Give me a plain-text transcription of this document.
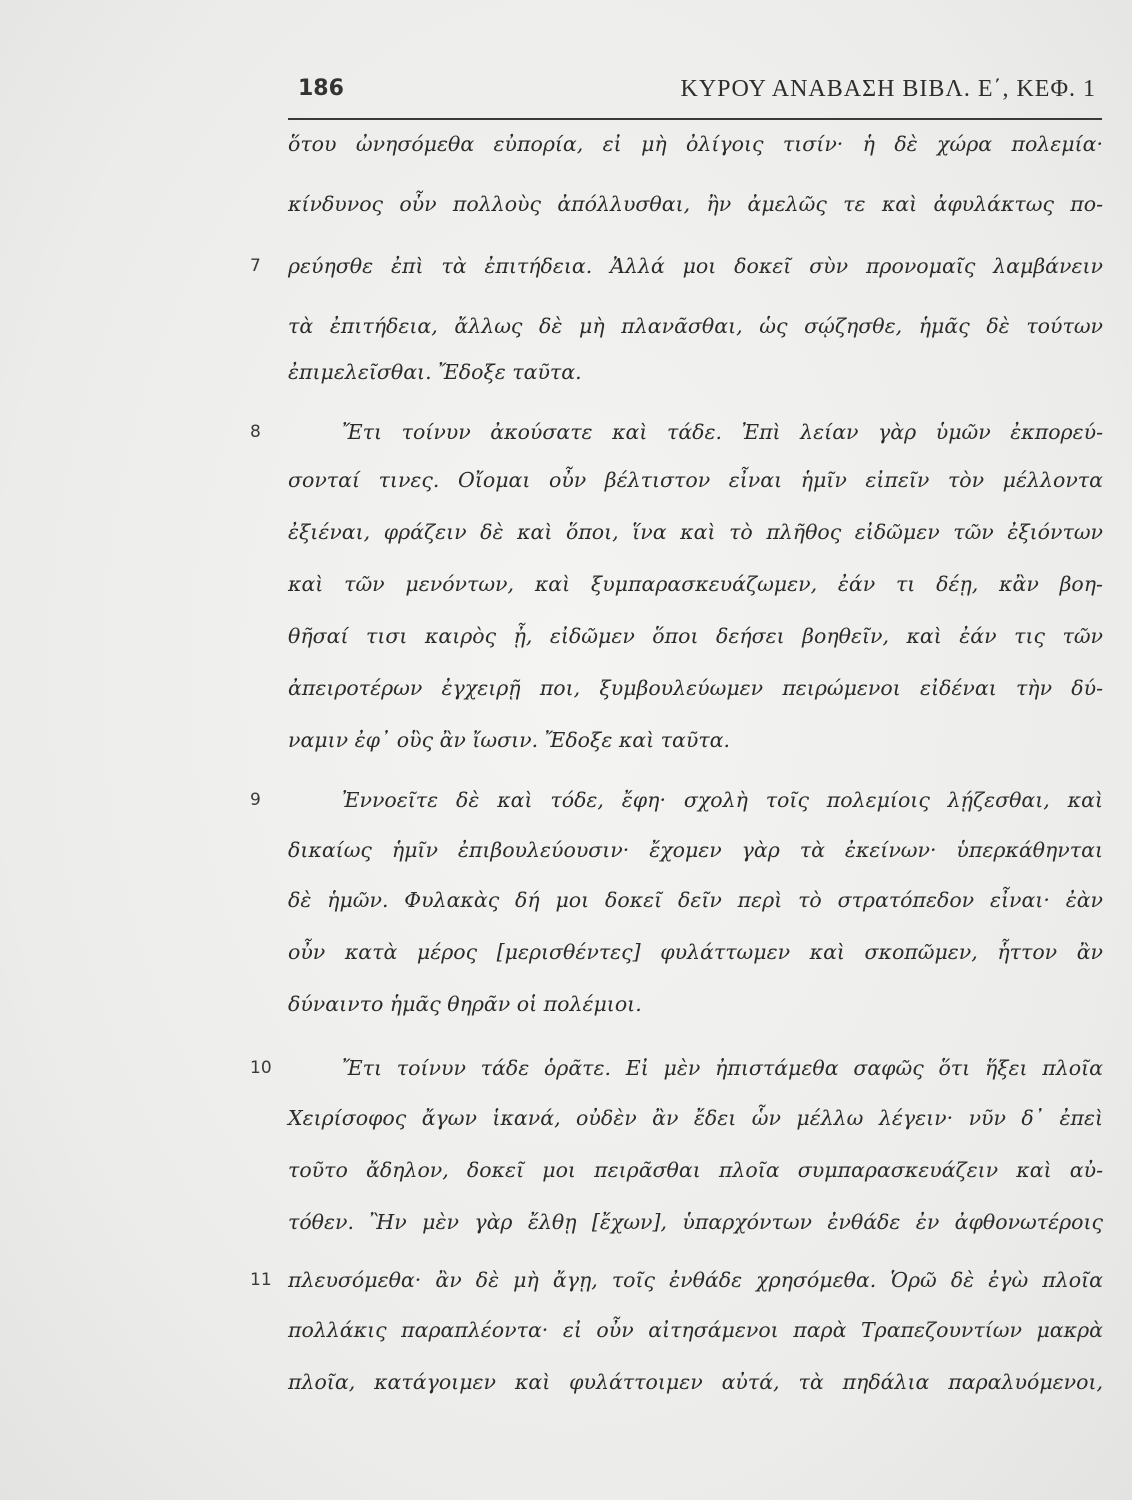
186	ΚΥΡΟΥ ΑΝΑΒΑΣΗ ΒΙΒΛ. Ε΄, ΚΕΦ. 1
7
8
9
10
11
ὅτου ὠνησόμεθα εὐπορία, εἰ μὴ ὀλίγοις τισίν· ἡ δὲ χώρα πολεμία·
κίνδυνος οὖν πολλοὺς ἀπόλλυσθαι, ἢν ἀμελῶς τε καὶ ἀφυλάκτως πο-
ρεύησθε ἐπὶ τὰ ἐπιτήδεια. Ἀλλά μοι δοκεῖ σὺν προνομαῖς λαμβάνειν
τὰ ἐπιτήδεια, ἄλλως δὲ μὴ πλανᾶσθαι, ὡς σῴζησθε, ἡμᾶς δὲ τούτων
ἐπιμελεῖσθαι. Ἔδοξε ταῦτα.
Ἔτι τοίνυν ἀκούσατε καὶ τάδε. Ἐπὶ λείαν γὰρ ὑμῶν ἐκπορεύ-
σονταί τινες. Οἴομαι οὖν βέλτιστον εἶναι ἡμῖν εἰπεῖν τὸν μέλλοντα
ἐξιέναι, φράζειν δὲ καὶ ὅποι, ἵνα καὶ τὸ πλῆθος εἰδῶμεν τῶν ἐξιόντων
καὶ τῶν μενόντων, καὶ ξυμπαρασκευάζωμεν, ἐάν τι δέῃ, κἂν βοη-
θῆσαί τισι καιρὸς ᾖ, εἰδῶμεν ὅποι δεήσει βοηθεῖν, καὶ ἐάν τις τῶν
ἀπειροτέρων ἐγχειρῇ ποι, ξυμβουλεύωμεν πειρώμενοι εἰδέναι τὴν δύ-
ναμιν ἐφ᾽ οὓς ἂν ἴωσιν. Ἔδοξε καὶ ταῦτα.
Ἐννοεῖτε δὲ καὶ τόδε, ἔφη· σχολὴ τοῖς πολεμίοις λῄζεσθαι, καὶ
δικαίως ἡμῖν ἐπιβουλεύουσιν· ἔχομεν γὰρ τὰ ἐκείνων· ὑπερκάθηνται
δὲ ἡμῶν. Φυλακὰς δή μοι δοκεῖ δεῖν περὶ τὸ στρατόπεδον εἶναι· ἐὰν
οὖν κατὰ μέρος [μερισθέντες] φυλάττωμεν καὶ σκοπῶμεν, ἧττον ἂν
δύναιντο ἡμᾶς θηρᾶν οἱ πολέμιοι.
Ἔτι τοίνυν τάδε ὁρᾶτε. Εἰ μὲν ἠπιστάμεθα σαφῶς ὅτι ἥξει πλοῖα
Χειρίσοφος ἄγων ἱκανά, οὐδὲν ἂν ἔδει ὧν μέλλω λέγειν· νῦν δ᾽ ἐπεὶ
τοῦτο ἄδηλον, δοκεῖ μοι πειρᾶσθαι πλοῖα συμπαρασκευάζειν καὶ αὐ-
τόθεν. Ἢν μὲν γὰρ ἔλθῃ [ἔχων], ὑπαρχόντων ἐνθάδε ἐν ἀφθονωτέροις
πλευσόμεθα· ἂν δὲ μὴ ἄγῃ, τοῖς ἐνθάδε χρησόμεθα. Ὁρῶ δὲ ἐγὼ πλοῖα
πολλάκις παραπλέοντα· εἰ οὖν αἰτησάμενοι παρὰ Τραπεζουντίων μακρὰ
πλοῖα, κατάγοιμεν καὶ φυλάττοιμεν αὐτά, τὰ πηδάλια παραλυόμενοι,
